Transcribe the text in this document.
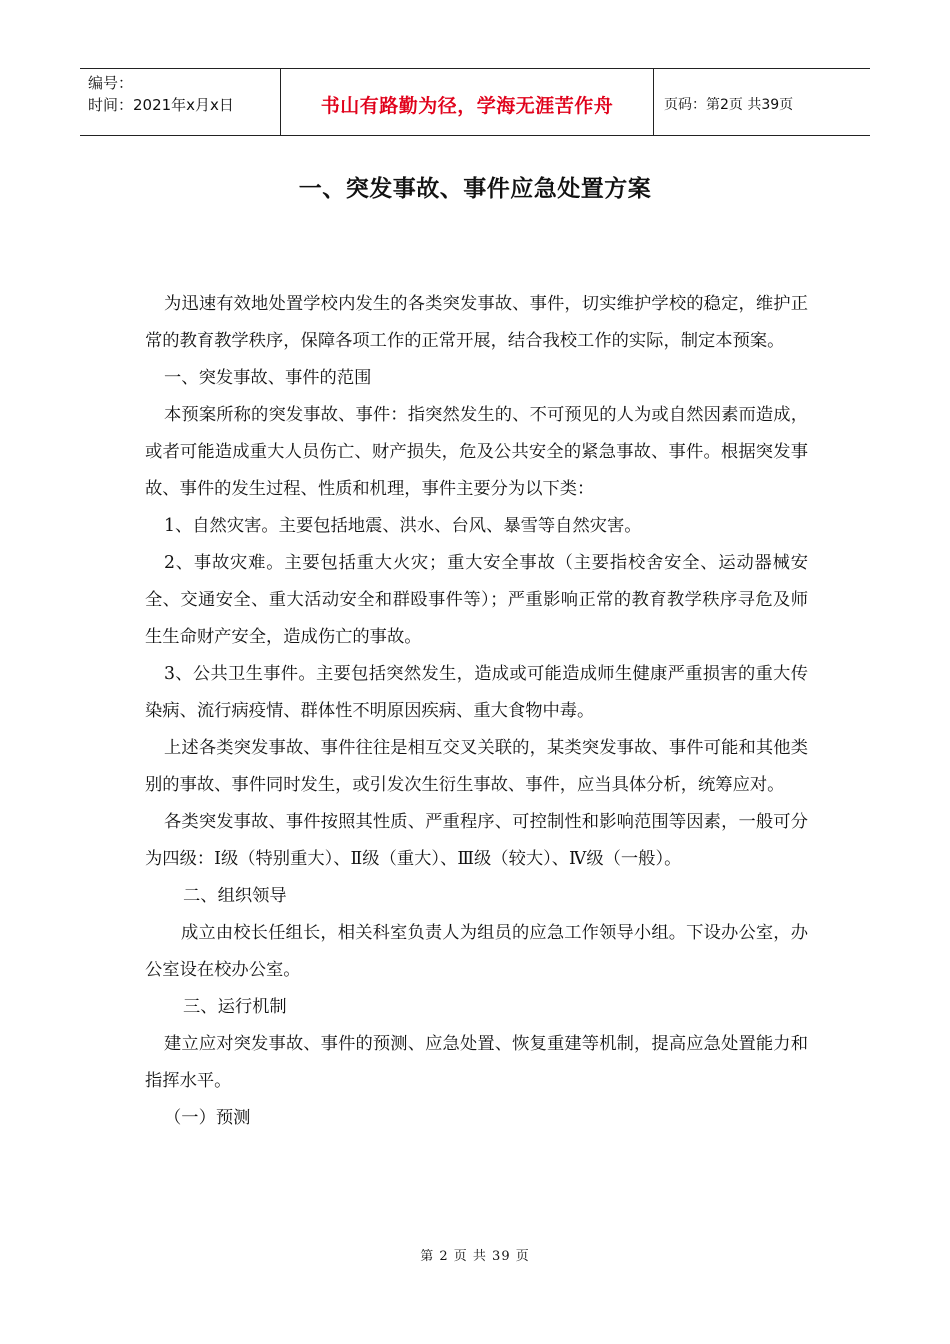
编号：
时间：2021年x月x日	书山有路勤为径，学海无涯苦作舟	页码：第2页 共39页
一、突发事故、事件应急处置方案

为迅速有效地处置学校内发生的各类突发事故、事件，切实维护学校的稳定，维护正常的教育教学秩序，保障各项工作的正常开展，结合我校工作的实际，制定本预案。

一、突发事故、事件的范围

本预案所称的突发事故、事件：指突然发生的、不可预见的人为或自然因素而造成，或者可能造成重大人员伤亡、财产损失，危及公共安全的紧急事故、事件。根据突发事故、事件的发生过程、性质和机理，事件主要分为以下类：

1、自然灾害。主要包括地震、洪水、台风、暴雪等自然灾害。

2、事故灾难。主要包括重大火灾；重大安全事故（主要指校舍安全、运动器械安全、交通安全、重大活动安全和群殴事件等）；严重影响正常的教育教学秩序寻危及师生生命财产安全，造成伤亡的事故。

3、公共卫生事件。主要包括突然发生，造成或可能造成师生健康严重损害的重大传染病、流行病疫情、群体性不明原因疾病、重大食物中毒。

上述各类突发事故、事件往往是相互交叉关联的，某类突发事故、事件可能和其他类别的事故、事件同时发生，或引发次生衍生事故、事件，应当具体分析，统筹应对。

各类突发事故、事件按照其性质、严重程序、可控制性和影响范围等因素，一般可分为四级：Ⅰ级（特别重大）、Ⅱ级（重大）、Ⅲ级（较大）、Ⅳ级（一般）。

二、组织领导

成立由校长任组长，相关科室负责人为组员的应急工作领导小组。下设办公室，办公室设在校办公室。

三、运行机制

建立应对突发事故、事件的预测、应急处置、恢复重建等机制，提高应急处置能力和指挥水平。

（一）预测

第 2 页 共 39 页
